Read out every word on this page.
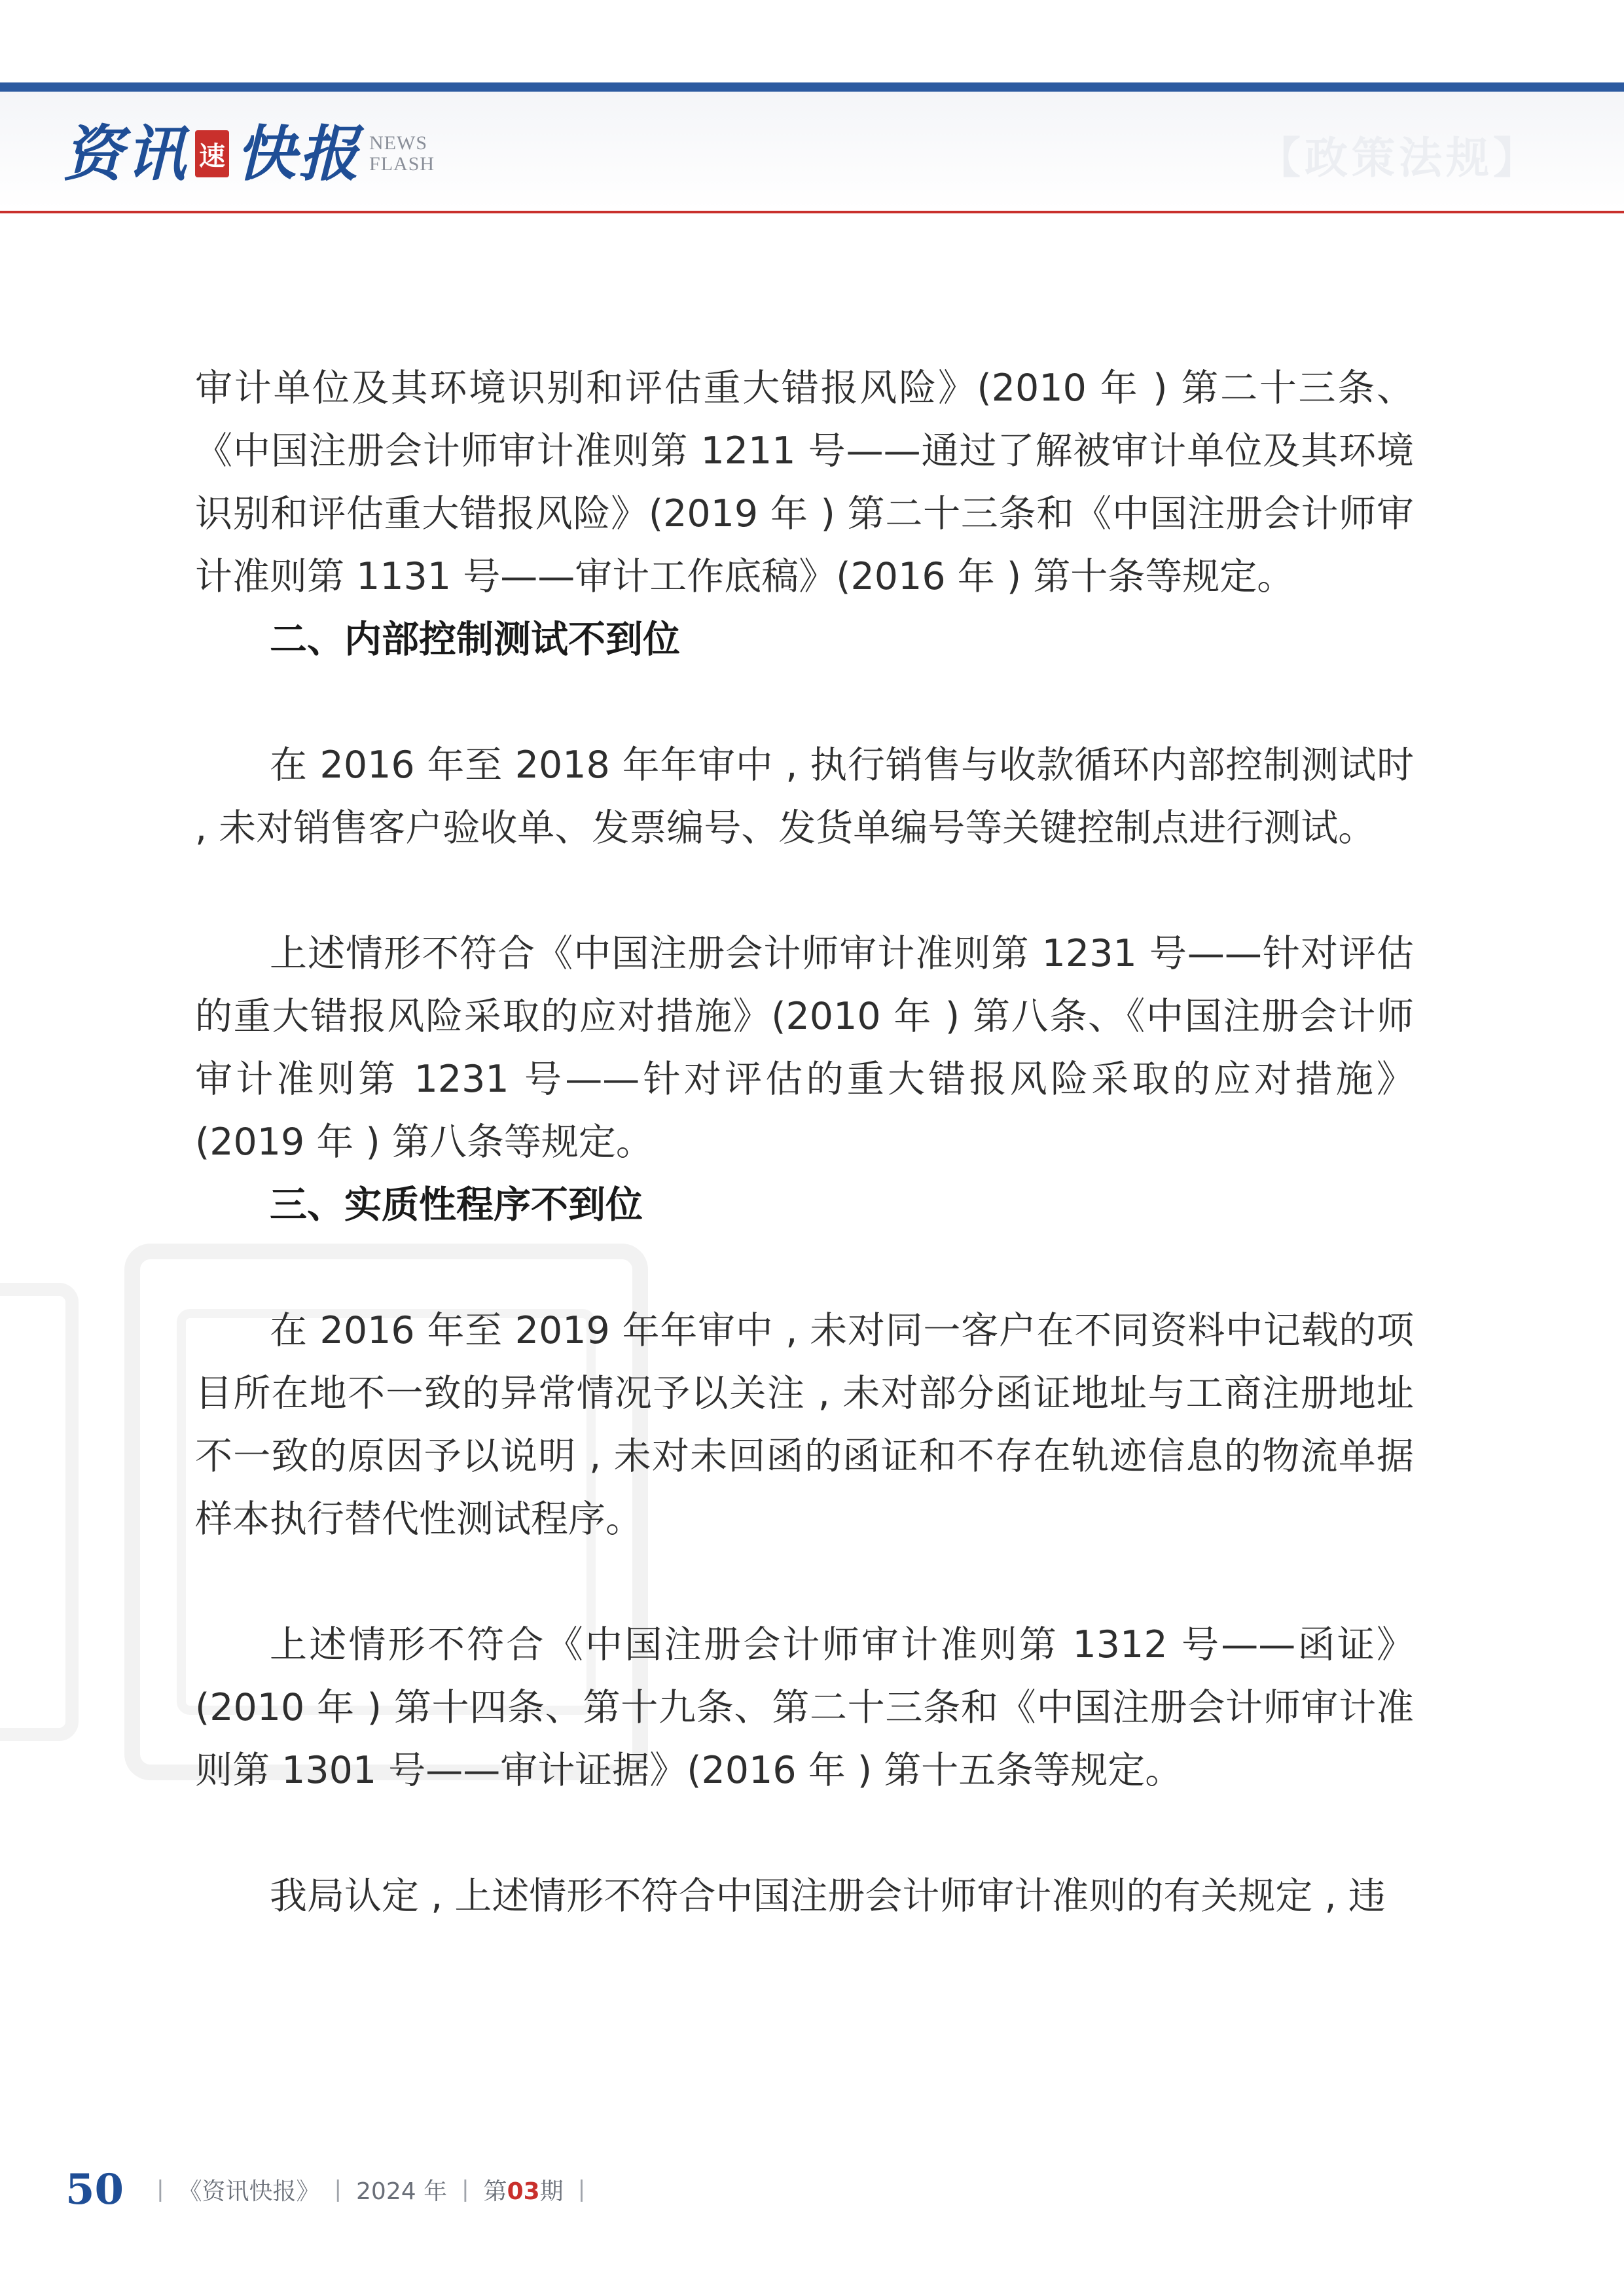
资讯 速 快报 NEWS
FLASH	【政策法规】

审计单位及其环境识别和评估重大错报风险》(2010 年 ) 第二十三条、《中国注册会计师审计准则第 1211 号——通过了解被审计单位及其环境识别和评估重大错报风险》(2019 年 ) 第二十三条和《中国注册会计师审计准则第 1131 号——审计工作底稿》(2016 年 ) 第十条等规定。

二、内部控制测试不到位

在 2016 年至 2018 年年审中 , 执行销售与收款循环内部控制测试时 , 未对销售客户验收单、发票编号、发货单编号等关键控制点进行测试。

上述情形不符合《中国注册会计师审计准则第 1231 号——针对评估的重大错报风险采取的应对措施》(2010 年 ) 第八条、《中国注册会计师审计准则第 1231 号——针对评估的重大错报风险采取的应对措施》(2019 年 ) 第八条等规定。

三、实质性程序不到位

在 2016 年至 2019 年年审中 , 未对同一客户在不同资料中记载的项目所在地不一致的异常情况予以关注 , 未对部分函证地址与工商注册地址不一致的原因予以说明 , 未对未回函的函证和不存在轨迹信息的物流单据样本执行替代性测试程序。

上述情形不符合《中国注册会计师审计准则第 1312 号——函证》(2010 年 ) 第十四条、第十九条、第二十三条和《中国注册会计师审计准则第 1301 号——审计证据》(2016 年 ) 第十五条等规定。

我局认定 , 上述情形不符合中国注册会计师审计准则的有关规定 , 违

50 | 《资讯快报》 | 2024 年 | 第03期 |
